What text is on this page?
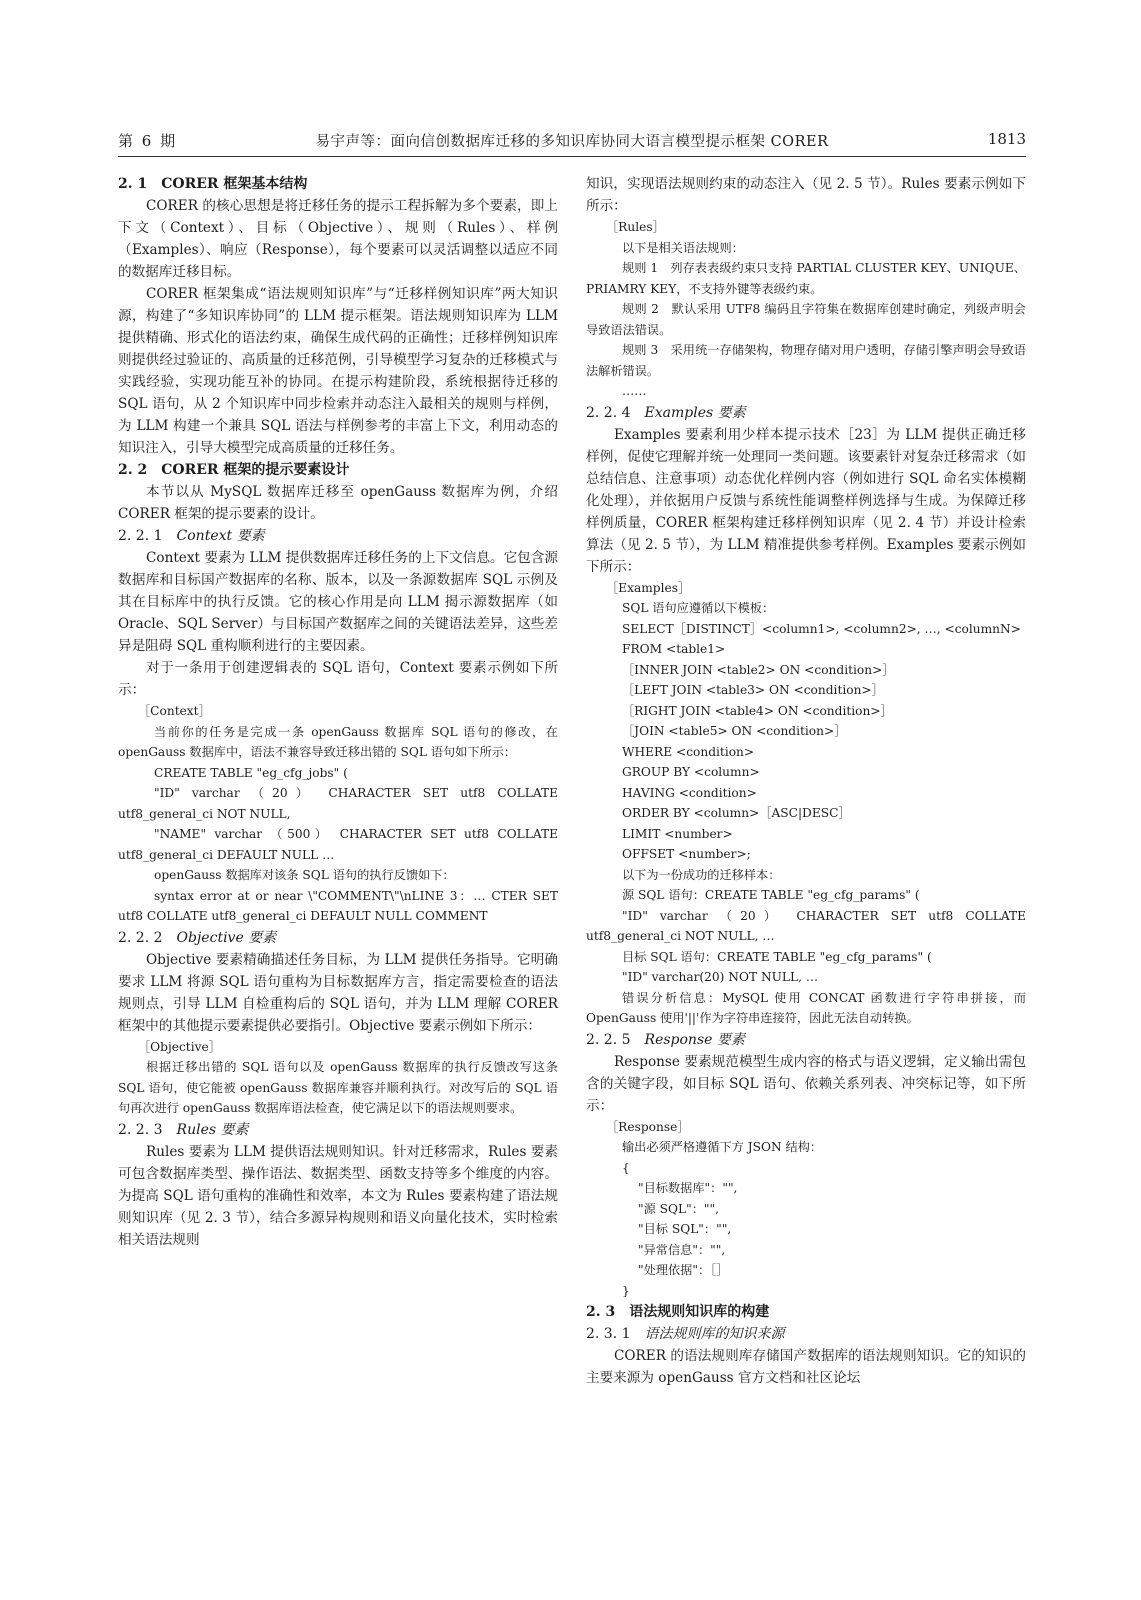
第 6 期	易宇声等：面向信创数据库迁移的多知识库协同大语言模型提示框架 CORER	1813
2. 1 CORER 框架基本结构

CORER 的核心思想是将迁移任务的提示工程拆解为多个要素，即上下文（Context）、目标（Objective）、规则（Rules）、样例（Examples）、响应（Response），每个要素可以灵活调整以适应不同的数据库迁移目标。

CORER 框架集成“语法规则知识库”与“迁移样例知识库”两大知识源，构建了“多知识库协同”的 LLM 提示框架。语法规则知识库为 LLM 提供精确、形式化的语法约束，确保生成代码的正确性；迁移样例知识库则提供经过验证的、高质量的迁移范例，引导模型学习复杂的迁移模式与实践经验，实现功能互补的协同。在提示构建阶段，系统根据待迁移的 SQL 语句，从 2 个知识库中同步检索并动态注入最相关的规则与样例，为 LLM 构建一个兼具 SQL 语法与样例参考的丰富上下文，利用动态的知识注入，引导大模型完成高质量的迁移任务。

2. 2 CORER 框架的提示要素设计

本节以从 MySQL 数据库迁移至 openGauss 数据库为例，介绍 CORER 框架的提示要素的设计。

2. 2. 1 Context 要素

Context 要素为 LLM 提供数据库迁移任务的上下文信息。它包含源数据库和目标国产数据库的名称、版本，以及一条源数据库 SQL 示例及其在目标库中的执行反馈。它的核心作用是向 LLM 揭示源数据库（如 Oracle、SQL Server）与目标国产数据库之间的关键语法差异，这些差异是阻碍 SQL 重构顺利进行的主要因素。

对于一条用于创建逻辑表的 SQL 语句，Context 要素示例如下所示：

［Context］
当前你的任务是完成一条 openGauss 数据库 SQL 语句的修改，在 openGauss 数据库中，语法不兼容导致迁移出错的 SQL 语句如下所示：
CREATE TABLE "eg_cfg_jobs" (
"ID" varchar （20） CHARACTER SET utf8 COLLATE utf8_general_ci NOT NULL,
"NAME" varchar （500） CHARACTER SET utf8 COLLATE utf8_general_ci DEFAULT NULL …
openGauss 数据库对该条 SQL 语句的执行反馈如下：
syntax error at or near \"COMMENT\"\nLINE 3：… CTER SET utf8 COLLATE utf8_general_ci DEFAULT NULL COMMENT
2. 2. 2 Objective 要素

Objective 要素精确描述任务目标，为 LLM 提供任务指导。它明确要求 LLM 将源 SQL 语句重构为目标数据库方言，指定需要检查的语法规则点，引导 LLM 自检重构后的 SQL 语句，并为 LLM 理解 CORER 框架中的其他提示要素提供必要指引。Objective 要素示例如下所示：

［Objective］
根据迁移出错的 SQL 语句以及 openGauss 数据库的执行反馈改写这条 SQL 语句，使它能被 openGauss 数据库兼容并顺利执行。对改写后的 SQL 语句再次进行 openGauss 数据库语法检查，使它满足以下的语法规则要求。
2. 2. 3 Rules 要素

Rules 要素为 LLM 提供语法规则知识。针对迁移需求，Rules 要素可包含数据库类型、操作语法、数据类型、函数支持等多个维度的内容。为提高 SQL 语句重构的准确性和效率，本文为 Rules 要素构建了语法规则知识库（见 2. 3 节），结合多源异构规则和语义向量化技术，实时检索相关语法规则

知识，实现语法规则约束的动态注入（见 2. 5 节）。Rules 要素示例如下所示：

［Rules］
以下是相关语法规则：
规则 1　列存表表级约束只支持 PARTIAL CLUSTER KEY、UNIQUE、PRIAMRY KEY，不支持外键等表级约束。
规则 2　默认采用 UTF8 编码且字符集在数据库创建时确定，列级声明会导致语法错误。
规则 3　采用统一存储架构，物理存储对用户透明，存储引擎声明会导致语法解析错误。
……
2. 2. 4 Examples 要素

Examples 要素利用少样本提示技术［23］为 LLM 提供正确迁移样例，促使它理解并统一处理同一类问题。该要素针对复杂迁移需求（如总结信息、注意事项）动态优化样例内容（例如进行 SQL 命名实体模糊化处理），并依据用户反馈与系统性能调整样例选择与生成。为保障迁移样例质量，CORER 框架构建迁移样例知识库（见 2. 4 节）并设计检索算法（见 2. 5 节），为 LLM 精准提供参考样例。Examples 要素示例如下所示：

［Examples］
SQL 语句应遵循以下模板：
SELECT［DISTINCT］<column1>, <column2>, …, <columnN>
FROM <table1>
［INNER JOIN <table2> ON <condition>］
［LEFT JOIN <table3> ON <condition>］
［RIGHT JOIN <table4> ON <condition>］
［JOIN <table5> ON <condition>］
WHERE <condition>
GROUP BY <column>
HAVING <condition>
ORDER BY <column>［ASC|DESC］
LIMIT <number>
OFFSET <number>;
以下为一份成功的迁移样本：
源 SQL 语句：CREATE TABLE "eg_cfg_params" (
"ID" varchar （20） CHARACTER SET utf8 COLLATE utf8_general_ci NOT NULL, …
目标 SQL 语句：CREATE TABLE "eg_cfg_params" (
"ID" varchar(20) NOT NULL, …
错误分析信息：MySQL 使用 CONCAT 函数进行字符串拼接，而 OpenGauss 使用'||'作为字符串连接符，因此无法自动转换。
2. 2. 5 Response 要素

Response 要素规范模型生成内容的格式与语义逻辑，定义输出需包含的关键字段，如目标 SQL 语句、依赖关系列表、冲突标记等，如下所示：

［Response］
输出必须严格遵循下方 JSON 结构：
{
"目标数据库"："",
"源 SQL"："",
"目标 SQL"："",
"异常信息"："",
"处理依据"：［］
}
2. 3 语法规则知识库的构建
2. 3. 1 语法规则库的知识来源

CORER 的语法规则库存储国产数据库的语法规则知识。它的知识的主要来源为 openGauss 官方文档和社区论坛
